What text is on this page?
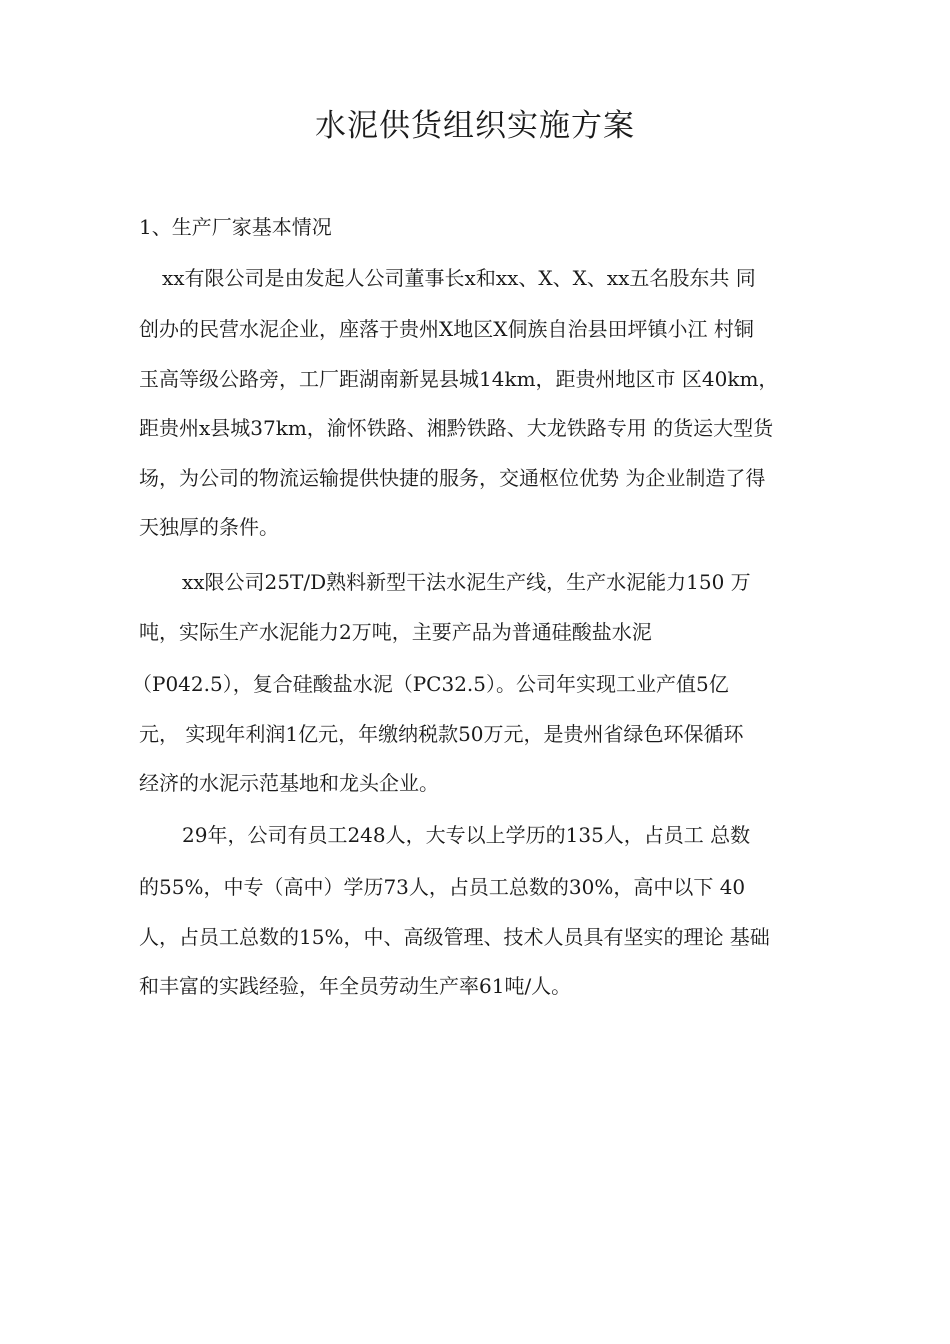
水泥供货组织实施方案
1、生产厂家基本情况
xx有限公司是由发起人公司董事长x和xx、X、X、xx五名股东共 同
创办的民营水泥企业，座落于贵州X地区X侗族自治县田坪镇小江 村铜
玉高等级公路旁，工厂距湖南新晃县城14km，距贵州地区市 区40km，
距贵州x县城37km，渝怀铁路、湘黔铁路、大龙铁路专用 的货运大型货
场，为公司的物流运输提供快捷的服务，交通枢位优势 为企业制造了得
天独厚的条件。
xx限公司25T/D熟料新型干法水泥生产线，生产水泥能力150 万
吨，实际生产水泥能力2万吨，主要产品为普通硅酸盐水泥
（P042.5），复合硅酸盐水泥（PC32.5）。公司年实现工业产值5亿
元， 实现年利润1亿元，年缴纳税款50万元，是贵州省绿色环保循环
经济的水泥示范基地和龙头企业。
29年，公司有员工248人，大专以上学历的135人，占员工 总数
的55%，中专（高中）学历73人，占员工总数的30%，高中以下 40
人，占员工总数的15%，中、高级管理、技术人员具有坚实的理论 基础
和丰富的实践经验，年全员劳动生产率61吨/人。
